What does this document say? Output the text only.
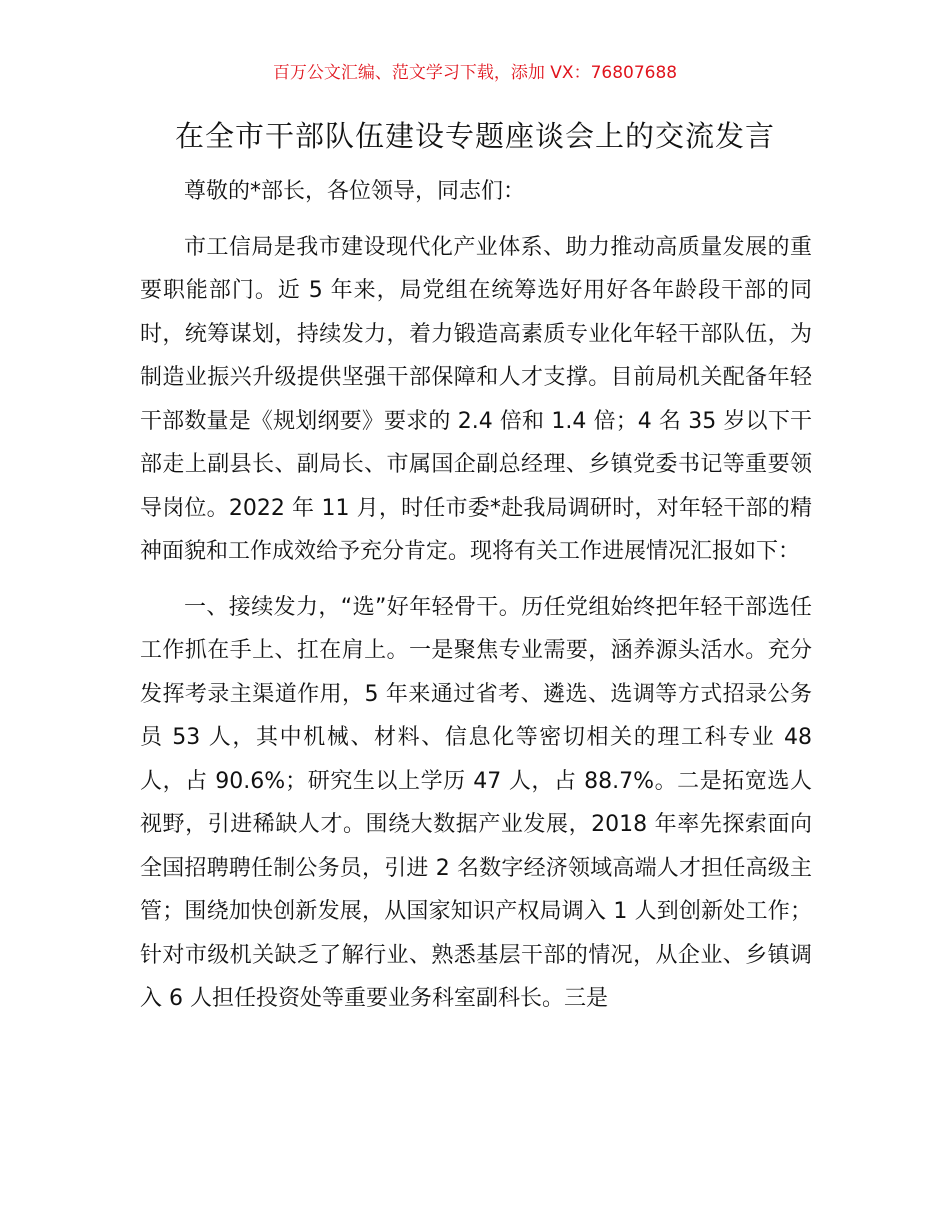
百万公文汇编、范文学习下载，添加 VX：76807688
在全市干部队伍建设专题座谈会上的交流发言

尊敬的*部长，各位领导，同志们：

市工信局是我市建设现代化产业体系、助力推动高质量发展的重要职能部门。近 5 年来，局党组在统筹选好用好各年龄段干部的同时，统筹谋划，持续发力，着力锻造高素质专业化年轻干部队伍，为制造业振兴升级提供坚强干部保障和人才支撑。目前局机关配备年轻干部数量是《规划纲要》要求的 2.4 倍和 1.4 倍；4 名 35 岁以下干部走上副县长、副局长、市属国企副总经理、乡镇党委书记等重要领导岗位。2022 年 11 月，时任市委*赴我局调研时，对年轻干部的精神面貌和工作成效给予充分肯定。现将有关工作进展情况汇报如下：

一、接续发力，“选”好年轻骨干。历任党组始终把年轻干部选任工作抓在手上、扛在肩上。一是聚焦专业需要，涵养源头活水。充分发挥考录主渠道作用，5 年来通过省考、遴选、选调等方式招录公务员 53 人，其中机械、材料、信息化等密切相关的理工科专业 48 人，占 90.6%；研究生以上学历 47 人，占 88.7%。二是拓宽选人视野，引进稀缺人才。围绕大数据产业发展，2018 年率先探索面向全国招聘聘任制公务员，引进 2 名数字经济领域高端人才担任高级主管；围绕加快创新发展，从国家知识产权局调入 1 人到创新处工作；针对市级机关缺乏了解行业、熟悉基层干部的情况，从企业、乡镇调入 6 人担任投资处等重要业务科室副科长。三是
